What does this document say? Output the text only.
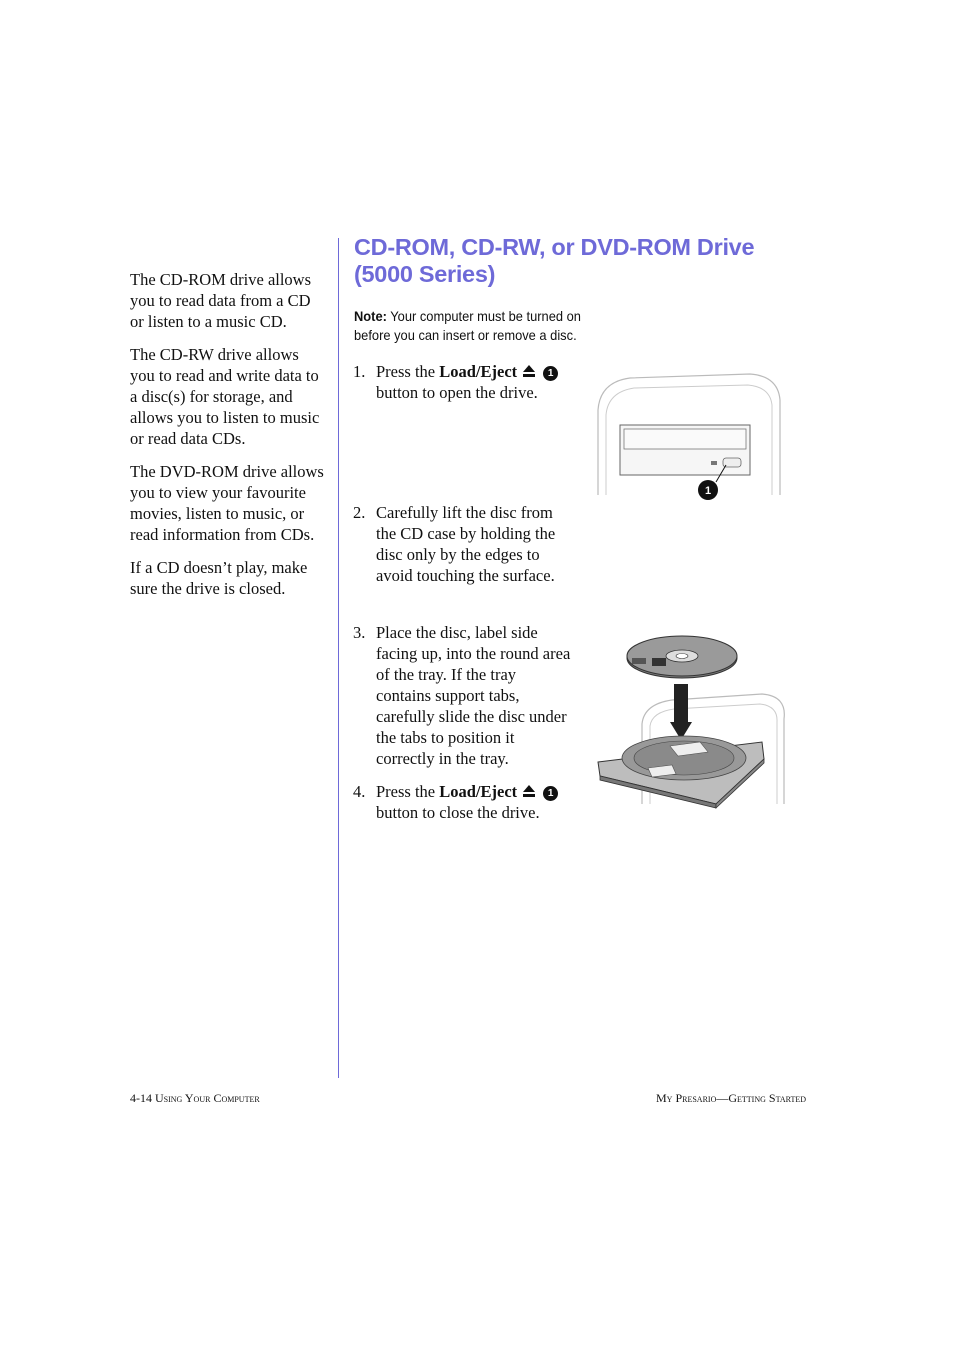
The CD-ROM drive allows you to read data from a CD or listen to a music CD.

The CD-RW drive allows you to read and write data to a disc(s) for storage, and allows you to listen to music or read data CDs.

The DVD-ROM drive allows you to view your favourite movies, listen to music, or read information from CDs.

If a CD doesn’t play, make sure the drive is closed.

CD-ROM, CD-RW, or DVD-ROM Drive (5000 Series)
Note: Your computer must be turned on before you can insert or remove a disc.
1. Press the Load/Eject	1
button to open the drive.
2. Carefully lift the disc from the CD case by holding the disc only by the edges to avoid touching the surface.
3. Place the disc, label side facing up, into the round area of the tray. If the tray contains support tabs, carefully slide the disc under the tabs to position it correctly in the tray.
4. Press the Load/Eject	1
button to close the drive.
1
4-14 Using Your Computer	My Presario—Getting Started
